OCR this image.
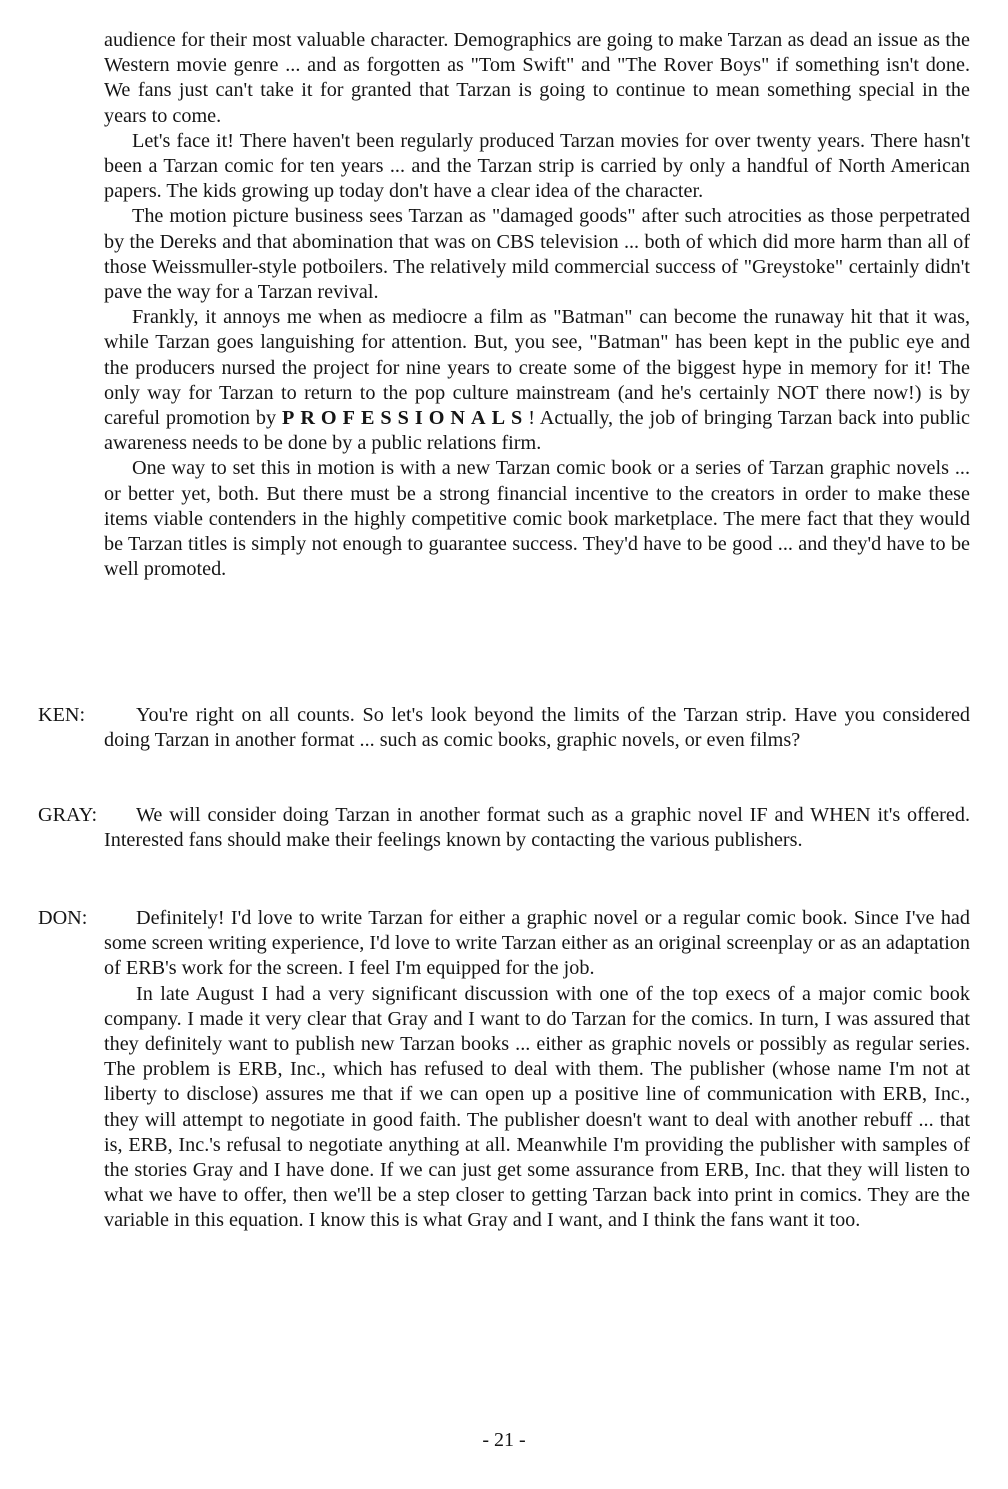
audience for their most valuable character. Demographics are going to make Tarzan as dead an issue as the Western movie genre ... and as forgotten as "Tom Swift" and "The Rover Boys" if something isn't done. We fans just can't take it for granted that Tarzan is going to continue to mean something special in the years to come.

Let's face it! There haven't been regularly produced Tarzan movies for over twenty years. There hasn't been a Tarzan comic for ten years ... and the Tarzan strip is carried by only a handful of North American papers. The kids growing up today don't have a clear idea of the character.

The motion picture business sees Tarzan as "damaged goods" after such atrocities as those perpetrated by the Dereks and that abomination that was on CBS television ... both of which did more harm than all of those Weissmuller-style potboilers. The relatively mild commercial success of "Greystoke" certainly didn't pave the way for a Tarzan revival.

Frankly, it annoys me when as mediocre a film as "Batman" can become the runaway hit that it was, while Tarzan goes languishing for attention. But, you see, "Batman" has been kept in the public eye and the producers nursed the project for nine years to create some of the biggest hype in memory for it! The only way for Tarzan to return to the pop culture mainstream (and he's certainly NOT there now!) is by careful promotion by PROFESSIONALS! Actually, the job of bringing Tarzan back into public awareness needs to be done by a public relations firm.

One way to set this in motion is with a new Tarzan comic book or a series of Tarzan graphic novels ... or better yet, both. But there must be a strong financial incentive to the creators in order to make these items viable contenders in the highly competitive comic book marketplace. The mere fact that they would be Tarzan titles is simply not enough to guarantee success. They'd have to be good ... and they'd have to be well promoted.

KEN:	You're right on all counts. So let's look beyond the limits of the Tarzan strip. Have you considered doing Tarzan in another format ... such as comic books, graphic novels, or even films?

GRAY:	We will consider doing Tarzan in another format such as a graphic novel IF and WHEN it's offered. Interested fans should make their feelings known by contacting the various publishers.

DON:	Definitely! I'd love to write Tarzan for either a graphic novel or a regular comic book. Since I've had some screen writing experience, I'd love to write Tarzan either as an original screenplay or as an adaptation of ERB's work for the screen. I feel I'm equipped for the job.

In late August I had a very significant discussion with one of the top execs of a major comic book company. I made it very clear that Gray and I want to do Tarzan for the comics. In turn, I was assured that they definitely want to publish new Tarzan books ... either as graphic novels or possibly as regular series. The problem is ERB, Inc., which has refused to deal with them. The publisher (whose name I'm not at liberty to disclose) assures me that if we can open up a positive line of communication with ERB, Inc., they will attempt to negotiate in good faith. The publisher doesn't want to deal with another rebuff ... that is, ERB, Inc.'s refusal to negotiate anything at all. Meanwhile I'm providing the publisher with samples of the stories Gray and I have done. If we can just get some assurance from ERB, Inc. that they will listen to what we have to offer, then we'll be a step closer to getting Tarzan back into print in comics. They are the variable in this equation. I know this is what Gray and I want, and I think the fans want it too.

- 21 -
